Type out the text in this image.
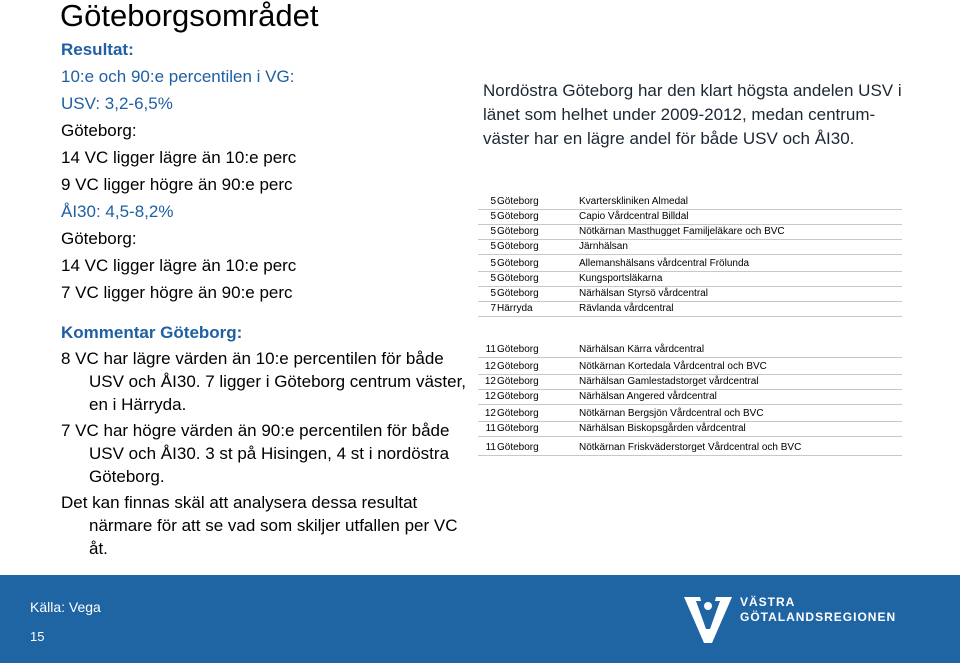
Göteborgsområdet
Resultat:
10:e och 90:e percentilen i VG:
USV: 3,2-6,5%
Göteborg:
14 VC ligger lägre än 10:e perc
9 VC ligger högre än 90:e perc
ÅI30: 4,5-8,2%
Göteborg:
14 VC ligger lägre än 10:e perc
7 VC ligger högre än 90:e perc
Nordöstra Göteborg har den klart högsta andelen USV i länet som helhet under 2009-2012, medan centrum-väster har en lägre andel för både USV och ÅI30.
5 Göteborg	Kvarterskliniken Almedal
5 Göteborg	Capio Vårdcentral Billdal
5 Göteborg	Nötkärnan Masthugget Familjeläkare och BVC
5 Göteborg	Järnhälsan
5 Göteborg	Allemanshälsans vårdcentral Frölunda
5 Göteborg	Kungsportsläkarna
5 Göteborg	Närhälsan Styrsö vårdcentral
7 Härryda	Rävlanda vårdcentral
11 Göteborg	Närhälsan Kärra vårdcentral
12 Göteborg	Nötkärnan Kortedala Vårdcentral och BVC
12 Göteborg	Närhälsan Gamlestadstorget vårdcentral
12 Göteborg	Närhälsan Angered vårdcentral
12 Göteborg	Nötkärnan Bergsjön Vårdcentral och BVC
11 Göteborg	Närhälsan Biskopsgården vårdcentral
11 Göteborg	Nötkärnan Friskväderstorget Vårdcentral och BVC
Kommentar Göteborg:
8 VC har lägre värden än 10:e percentilen för både USV och ÅI30. 7 ligger i Göteborg centrum väster, en i Härryda.
7 VC har högre värden än 90:e percentilen för både USV och ÅI30. 3 st på Hisingen, 4 st i nordöstra Göteborg.
Det kan finnas skäl att analysera dessa resultat närmare för att se vad som skiljer utfallen per VC åt.
Källa: Vega
15
VÄSTRA
GÖTALANDSREGIONEN
